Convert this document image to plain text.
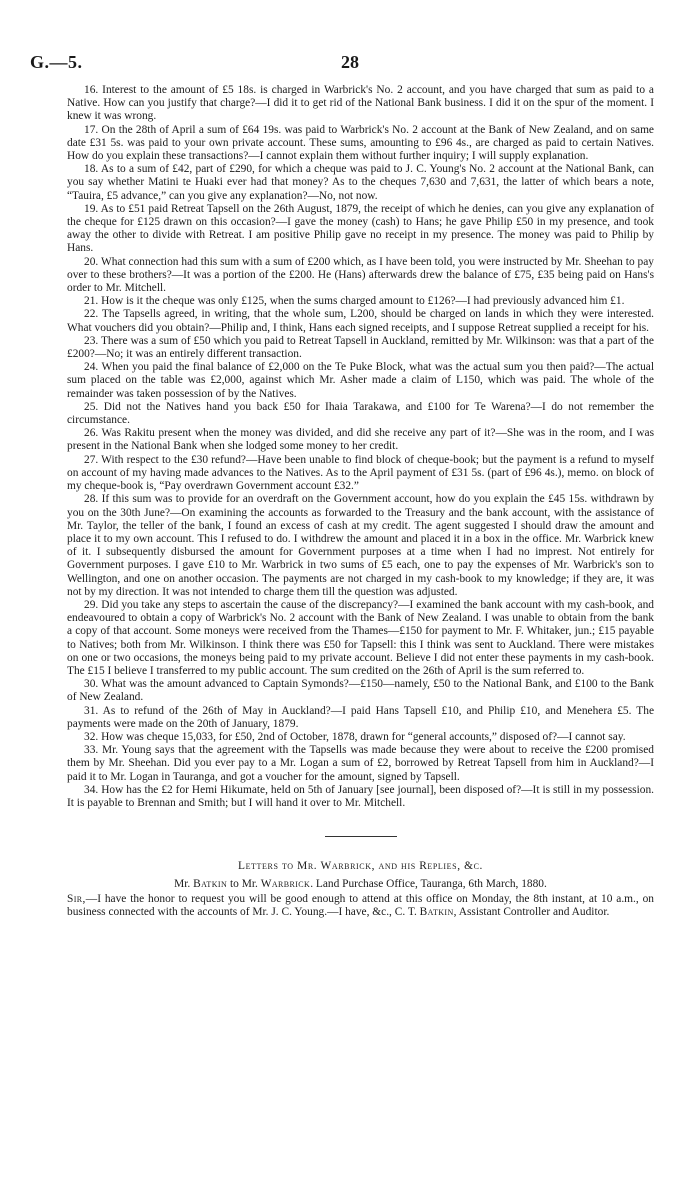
G.—5.	28

16. Interest to the amount of £5 18s. is charged in Warbrick's No. 2 account, and you have charged that sum as paid to a Native. How can you justify that charge?—I did it to get rid of the National Bank business. I did it on the spur of the moment. I knew it was wrong.

17. On the 28th of April a sum of £64 19s. was paid to Warbrick's No. 2 account at the Bank of New Zealand, and on same date £31 5s. was paid to your own private account. These sums, amounting to £96 4s., are charged as paid to certain Natives. How do you explain these transactions?—I cannot explain them without further inquiry; I will supply explanation.

18. As to a sum of £42, part of £290, for which a cheque was paid to J. C. Young's No. 2 account at the National Bank, can you say whether Matini te Huaki ever had that money? As to the cheques 7,630 and 7,631, the latter of which bears a note, “Tauira, £5 advance,” can you give any explanation?—No, not now.

19. As to £51 paid Retreat Tapsell on the 26th August, 1879, the receipt of which he denies, can you give any explanation of the cheque for £125 drawn on this occasion?—I gave the money (cash) to Hans; he gave Philip £50 in my presence, and took away the other to divide with Retreat. I am positive Philip gave no receipt in my presence. The money was paid to Philip by Hans.

20. What connection had this sum with a sum of £200 which, as I have been told, you were instructed by Mr. Sheehan to pay over to these brothers?—It was a portion of the £200. He (Hans) afterwards drew the balance of £75, £35 being paid on Hans's order to Mr. Mitchell.

21. How is it the cheque was only £125, when the sums charged amount to £126?—I had previously advanced him £1.

22. The Tapsells agreed, in writing, that the whole sum, L200, should be charged on lands in which they were interested. What vouchers did you obtain?—Philip and, I think, Hans each signed receipts, and I suppose Retreat supplied a receipt for his.

23. There was a sum of £50 which you paid to Retreat Tapsell in Auckland, remitted by Mr. Wilkinson: was that a part of the £200?—No; it was an entirely different transaction.

24. When you paid the final balance of £2,000 on the Te Puke Block, what was the actual sum you then paid?—The actual sum placed on the table was £2,000, against which Mr. Asher made a claim of L150, which was paid. The whole of the remainder was taken possession of by the Natives.

25. Did not the Natives hand you back £50 for Ihaia Tarakawa, and £100 for Te Warena?—I do not remember the circumstance.

26. Was Rakitu present when the money was divided, and did she receive any part of it?—She was in the room, and I was present in the National Bank when she lodged some money to her credit.

27. With respect to the £30 refund?—Have been unable to find block of cheque-book; but the payment is a refund to myself on account of my having made advances to the Natives. As to the April payment of £31 5s. (part of £96 4s.), memo. on block of my cheque-book is, “Pay overdrawn Government account £32.”

28. If this sum was to provide for an overdraft on the Government account, how do you explain the £45 15s. withdrawn by you on the 30th June?—On examining the accounts as forwarded to the Treasury and the bank account, with the assistance of Mr. Taylor, the teller of the bank, I found an excess of cash at my credit. The agent suggested I should draw the amount and place it to my own account. This I refused to do. I withdrew the amount and placed it in a box in the office. Mr. Warbrick knew of it. I subsequently disbursed the amount for Government purposes at a time when I had no imprest. Not entirely for Government purposes. I gave £10 to Mr. Warbrick in two sums of £5 each, one to pay the expenses of Mr. Warbrick's son to Wellington, and one on another occasion. The payments are not charged in my cash-book to my knowledge; if they are, it was not by my direction. It was not intended to charge them till the question was adjusted.

29. Did you take any steps to ascertain the cause of the discrepancy?—I examined the bank account with my cash-book, and endeavoured to obtain a copy of Warbrick's No. 2 account with the Bank of New Zealand. I was unable to obtain from the bank a copy of that account. Some moneys were received from the Thames—£150 for payment to Mr. F. Whitaker, jun.; £15 payable to Natives; both from Mr. Wilkinson. I think there was £50 for Tapsell: this I think was sent to Auckland. There were mistakes on one or two occasions, the moneys being paid to my private account. Believe I did not enter these payments in my cash-book. The £15 I believe I transferred to my public account. The sum credited on the 26th of April is the sum referred to.

30. What was the amount advanced to Captain Symonds?—£150—namely, £50 to the National Bank, and £100 to the Bank of New Zealand.

31. As to refund of the 26th of May in Auckland?—I paid Hans Tapsell £10, and Philip £10, and Menehera £5. The payments were made on the 20th of January, 1879.

32. How was cheque 15,033, for £50, 2nd of October, 1878, drawn for “general accounts,” disposed of?—I cannot say.

33. Mr. Young says that the agreement with the Tapsells was made because they were about to receive the £200 promised them by Mr. Sheehan. Did you ever pay to a Mr. Logan a sum of £2, borrowed by Retreat Tapsell from him in Auckland?—I paid it to Mr. Logan in Tauranga, and got a voucher for the amount, signed by Tapsell.

34. How has the £2 for Hemi Hikumate, held on 5th of January [see journal], been disposed of?—It is still in my possession. It is payable to Brennan and Smith; but I will hand it over to Mr. Mitchell.

Letters to Mr. Warbrick, and his Replies, &c.

Mr. Batkin to Mr. Warbrick. Land Purchase Office, Tauranga, 6th March, 1880.

Sir,—I have the honor to request you will be good enough to attend at this office on Monday, the 8th instant, at 10 a.m., on business connected with the accounts of Mr. J. C. Young.—I have, &c., C. T. Batkin, Assistant Controller and Auditor.
